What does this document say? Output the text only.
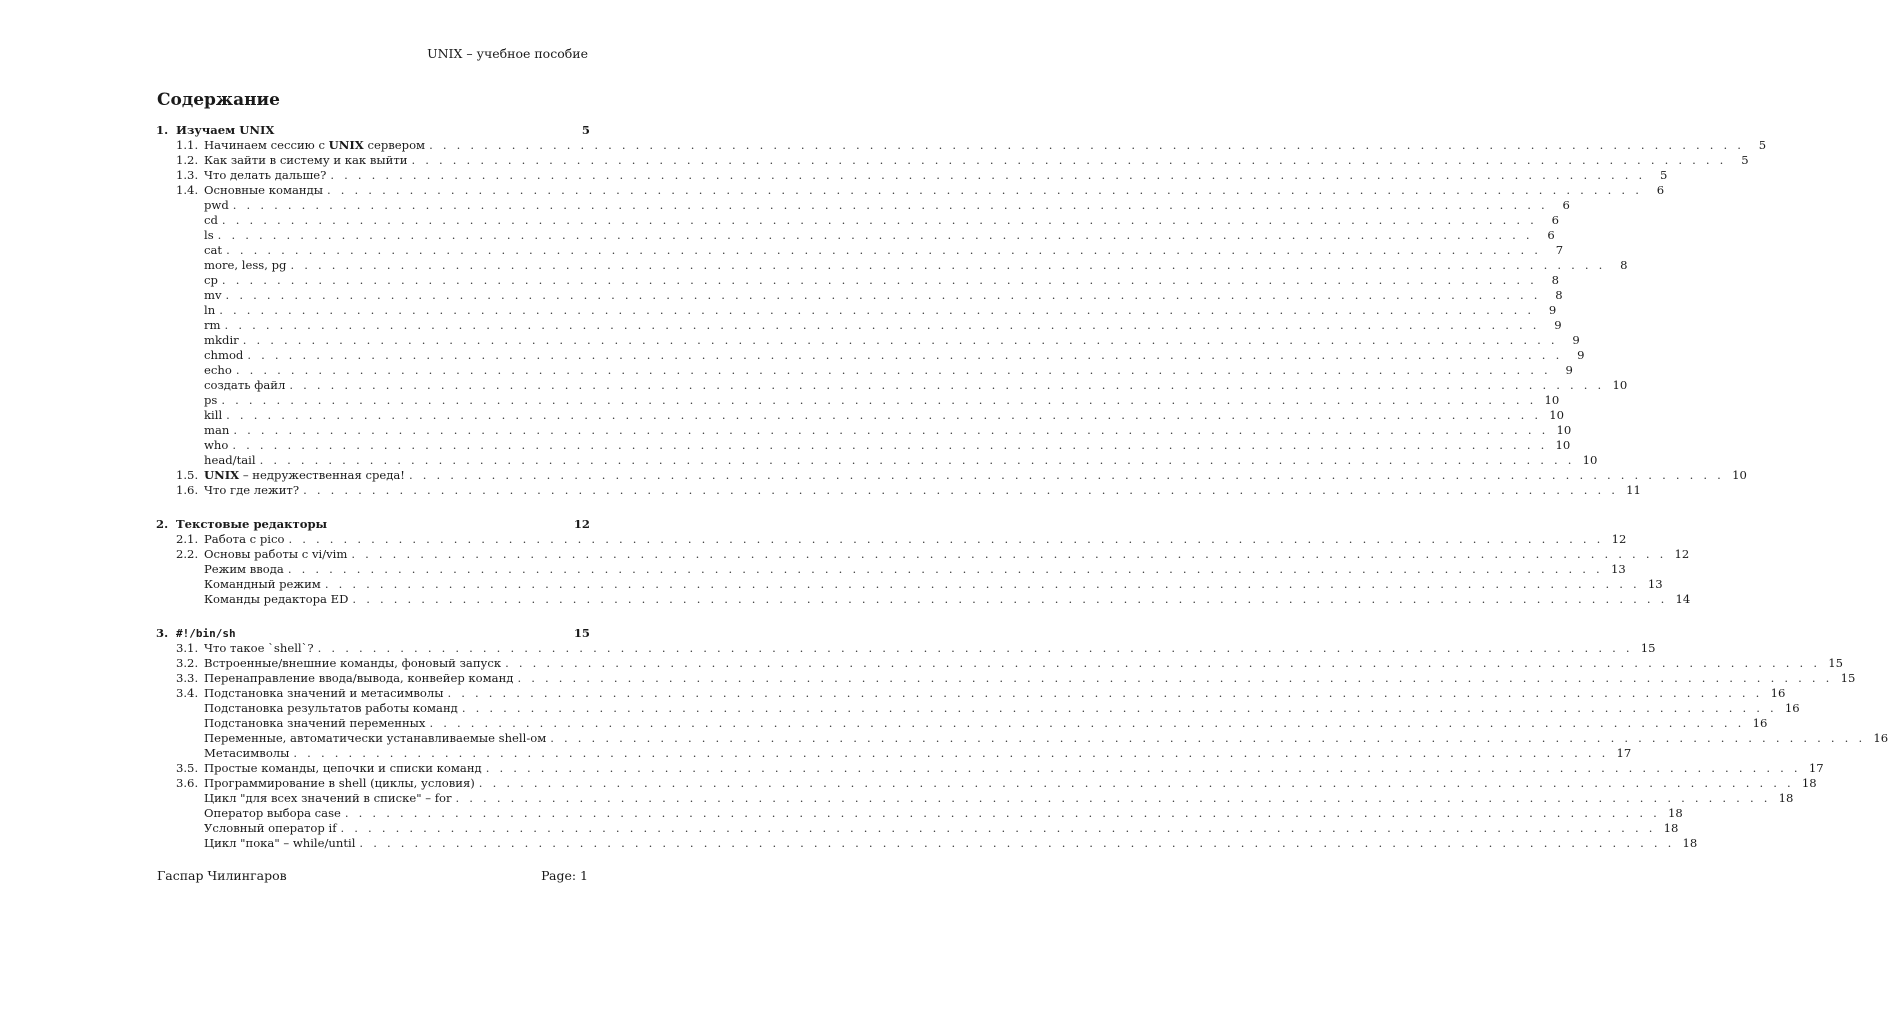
UNIX – учебное пособие
Содержание
1. Изучаем UNIX	5
1.1. Начинаем сессию с UNIX сервером . . .	5
1.2. Как зайти в систему и как выйти . . .	5
1.3. Что делать дальше? . . .	5
1.4. Основные команды . . .	6
pwd . . .	6
cd . . .	6
ls . . .	6
cat . . .	7
more, less, pg . . .	8
cp . . .	8
mv . . .	8
ln . . .	9
rm . . .	9
mkdir . . .	9
chmod . . .	9
echo . . .	9
создать файл . . .	10
ps . . .	10
kill . . .	10
man . . .	10
who . . .	10
head/tail . . .	10
1.5. UNIX – недружественная среда! . . .	10
1.6. Что где лежит? . . .	11
2. Текстовые редакторы	12
2.1. Работа с pico . . .	12
2.2. Основы работы с vi/vim . . .	12
Режим ввода . . .	13
Командный режим . . .	13
Команды редактора ED . . .	14
3. #!/bin/sh	15
3.1. Что такое `shell`? . . .	15
3.2. Встроенные/внешние команды, фоновый запуск . . .	15
3.3. Перенаправление ввода/вывода, конвейер команд . . .	15
3.4. Подстановка значений и метасимволы . . .	16
Подстановка результатов работы команд . . .	16
Подстановка значений переменных . . .	16
Переменные, автоматически устанавливаемые shell-ом . . .	16
Метасимволы . . .	17
3.5. Простые команды, цепочки и списки команд . . .	17
3.6. Программирование в shell (циклы, условия) . . .	18
Цикл "для всех значений в списке" – for . . .	18
Оператор выбора case . . .	18
Условный оператор if . . .	18
Цикл "пока" – while/until . . .	18
Гаспар Чилингаров	Page: 1
